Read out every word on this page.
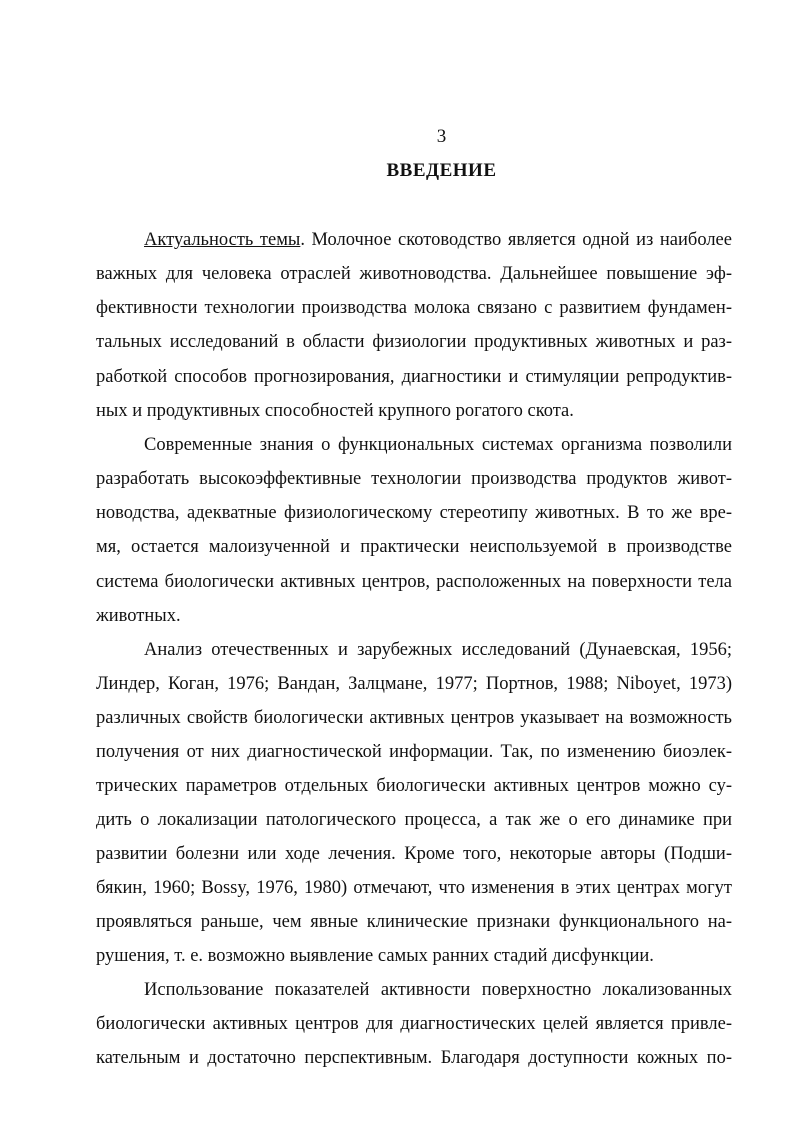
3
ВВЕДЕНИЕ
Актуальность темы. Молочное скотоводство является одной из наиболее
важных для человека отраслей животноводства. Дальнейшее повышение эф-
фективности технологии производства молока связано с развитием фундамен-
тальных исследований в области физиологии продуктивных животных и раз-
работкой способов прогнозирования, диагностики и стимуляции репродуктив-
ных и продуктивных способностей крупного рогатого скота.
Современные знания о функциональных системах организма позволили
разработать высокоэффективные технологии производства продуктов живот-
новодства, адекватные физиологическому стереотипу животных. В то же вре-
мя, остается малоизученной и практически неиспользуемой в производстве
система биологически активных центров, расположенных на поверхности тела
животных.
Анализ отечественных и зарубежных исследований (Дунаевская, 1956;
Линдер, Коган, 1976; Вандан, Залцмане, 1977; Портнов, 1988; Niboyet, 1973)
различных свойств биологически активных центров указывает на возможность
получения от них диагностической информации. Так, по изменению биоэлек-
трических параметров отдельных биологически активных центров можно су-
дить о локализации патологического процесса, а так же о его динамике при
развитии болезни или ходе лечения. Кроме того, некоторые авторы (Подши-
бякин, 1960; Bossy, 1976, 1980) отмечают, что изменения в этих центрах могут
проявляться раньше, чем явные клинические признаки функционального на-
рушения, т. е. возможно выявление самых ранних стадий дисфункции.
Использование показателей активности поверхностно локализованных
биологически активных центров для диагностических целей является привле-
кательным и достаточно перспективным. Благодаря доступности кожных по-
